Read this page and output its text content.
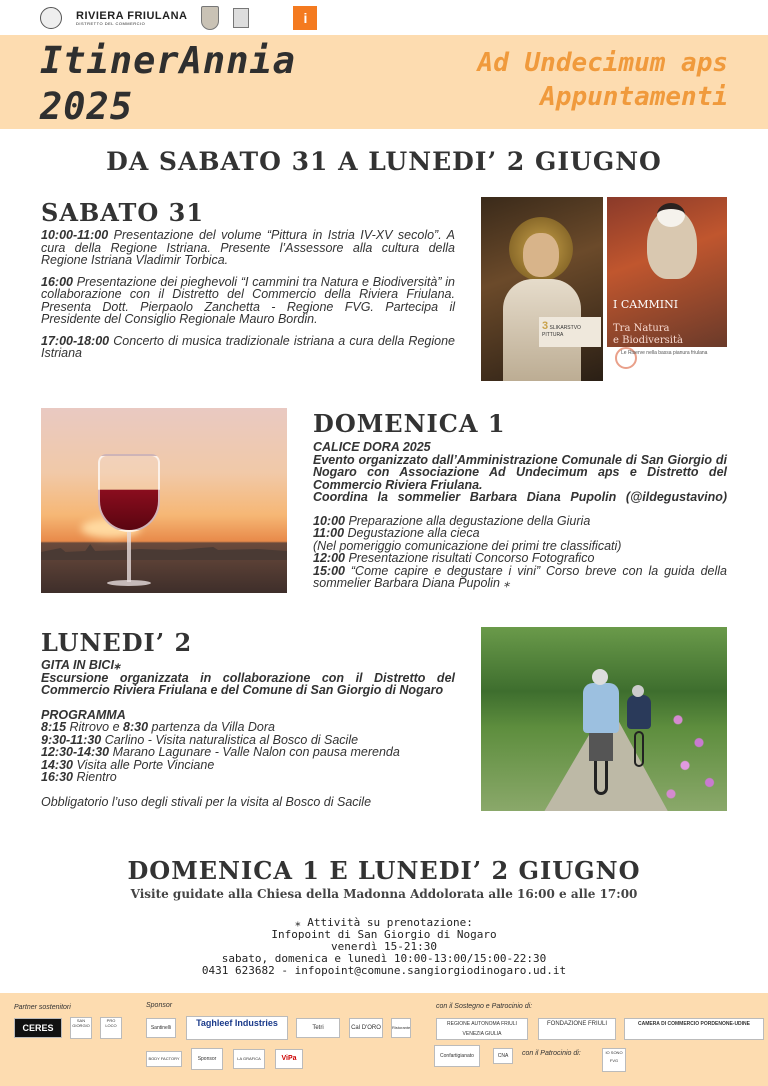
RIVIERA FRIULANA
DISTRETTO DEL COMMERCIO	i
ItinerAnnia
2025
Ad Undecimum aps
Appuntamenti
DA SABATO 31 A LUNEDI’ 2 GIUGNO
SABATO 31

10:00-11:00 Presentazione del volume “Pittura in Istria IV-XV secolo”. A cura della Regione Istriana. Presente l’Assessore alla cultura della Regione Istriana Vladimir Torbica.

16:00 Presentazione dei pieghevoli “I cammini tra Natura e Biodiversità” in collaborazione con il Distretto del Commercio della Riviera Friulana. Presenta Dott. Pierpaolo Zanchetta - Regione FVG. Partecipa il Presidente del Consiglio Regionale Mauro Bordin.

17:00-18:00 Concerto di musica tradizionale istriana a cura della Regione Istriana

3 SLIKARSTVO PITTURA
I CAMMINI
Tra Natura
e Biodiversità
Le Riserve nella bassa pianura friulana
DOMENICA 1
CALICE DORA 2025
Evento organizzato dall’Amministrazione Comunale di San Giorgio di Nogaro con Associazione Ad Undecimum aps e Distretto del Commercio Riviera Friulana.
Coordina la sommelier Barbara Diana Pupolin (@ildegustavino)
10:00 Preparazione alla degustazione della Giuria
11:00 Degustazione alla cieca
(Nel pomeriggio comunicazione dei primi tre classificati)
12:00 Presentazione risultati Concorso Fotografico
15:00 “Come capire e degustare i vini” Corso breve con la guida della sommelier Barbara Diana Pupolin ⁎
LUNEDI’ 2
GITA IN BICI⁎
Escursione organizzata in collaborazione con il Distretto del Commercio Riviera Friulana e del Comune di San Giorgio di Nogaro
PROGRAMMA
8:15 Ritrovo e 8:30 partenza da Villa Dora
9:30-11:30 Carlino - Visita naturalistica al Bosco di Sacile
12:30-14:30 Marano Lagunare - Valle Nalon con pausa merenda
14:30 Visita alle Porte Vinciane
16:30 Rientro
Obbligatorio l’uso degli stivali per la visita al Bosco di Sacile
DOMENICA 1 E LUNEDI’ 2 GIUGNO
Visite guidate alla Chiesa della Madonna Addolorata alle 16:00 e alle 17:00
⁎ Attività su prenotazione:
Infopoint di San Giorgio di Nogaro
venerdì 15-21:30
sabato, domenica e lunedì 10:00-13:00/15:00-22:30
0431 623682 - infopoint@comune.sangiorgiodinogaro.ud.it
Partner sostenitori	Sponsor	con il Sostegno e Patrocinio di:
con il Patrocinio di:
CERES
SAN GIORGIO
PRO LOCO	Santinelli	Taghleef Industries	Tetri	Cal D'ORO	Ristorante
BODY FACTORY	Sponsor	LA GRAFICA	ViPa
REGIONE AUTONOMA FRIULI VENEZIA GIULIA
FONDAZIONE FRIULI	CAMERA DI COMMERCIO PORDENONE-UDINE
Confartigianato	CNA
IO SONO FVG
